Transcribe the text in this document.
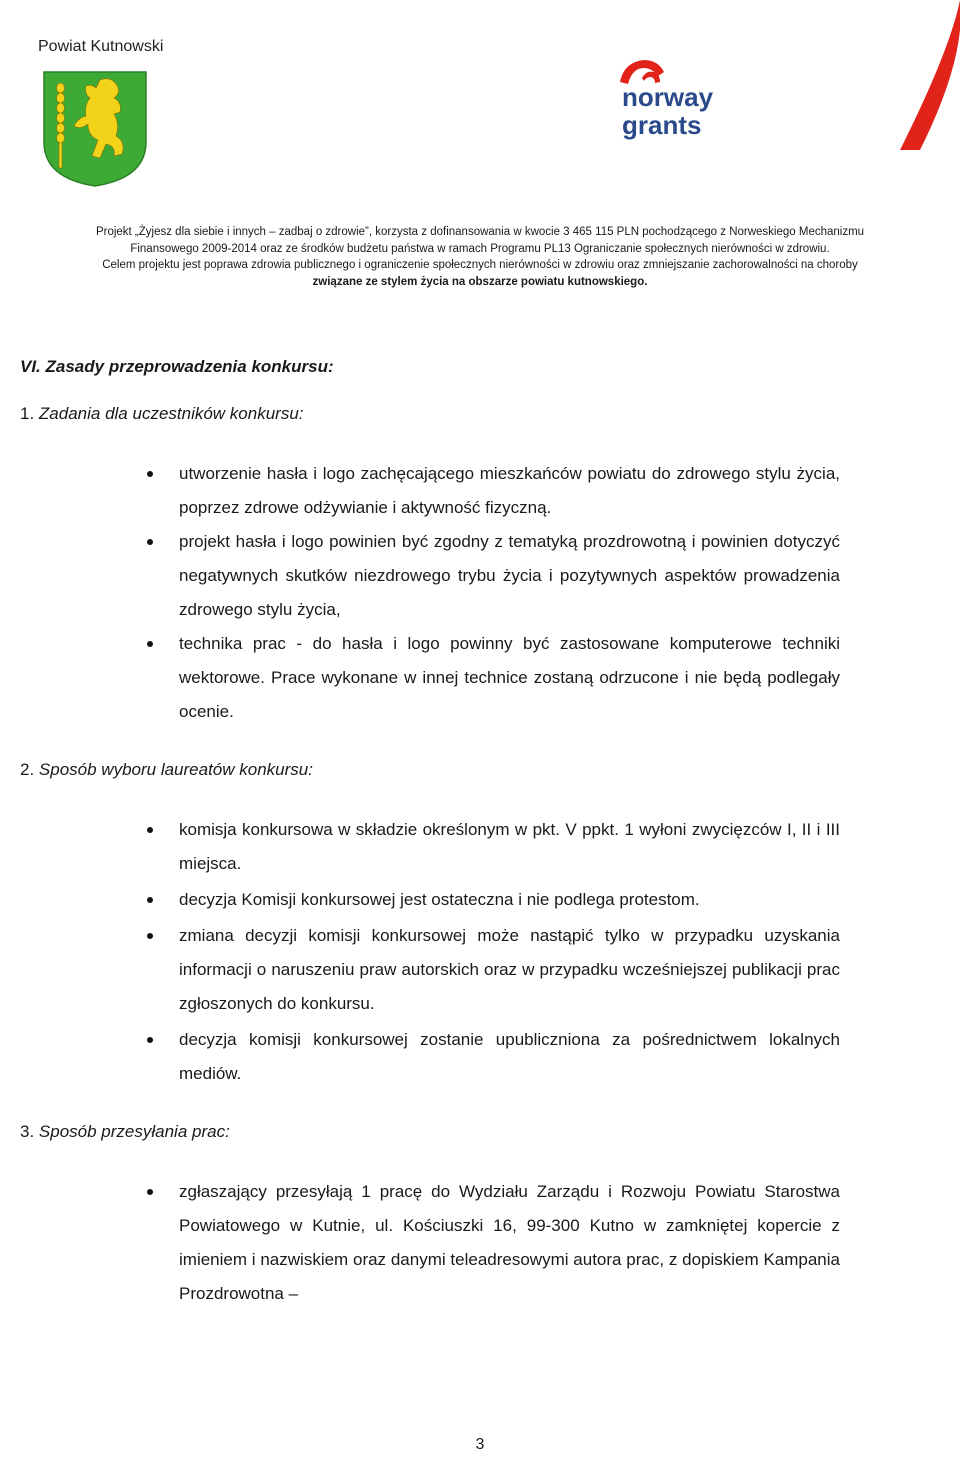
Powiat Kutnowski
norway
grants
Projekt „Żyjesz dla siebie i innych – zadbaj o zdrowie”, korzysta z dofinansowania w kwocie 3 465 115 PLN pochodzącego z Norweskiego Mechanizmu
Finansowego 2009-2014 oraz ze środków budżetu państwa w ramach Programu PL13 Ograniczanie społecznych nierówności w zdrowiu.
Celem projektu jest poprawa zdrowia publicznego i ograniczenie społecznych nierówności w zdrowiu oraz zmniejszanie zachorowalności na choroby
związane ze stylem życia na obszarze powiatu kutnowskiego.
VI. Zasady przeprowadzenia konkursu:
1. Zadania dla uczestników konkursu:
utworzenie hasła i logo zachęcającego mieszkańców powiatu do zdrowego stylu życia, poprzez zdrowe odżywianie i aktywność fizyczną.
projekt hasła i logo powinien być zgodny z tematyką prozdrowotną i powinien dotyczyć negatywnych skutków niezdrowego trybu życia i pozytywnych aspektów prowadzenia zdrowego stylu życia,
technika prac - do hasła i logo powinny być zastosowane komputerowe techniki wektorowe. Prace wykonane w innej technice zostaną odrzucone i nie będą podlegały ocenie.
2. Sposób wyboru laureatów konkursu:
komisja konkursowa w składzie określonym w pkt. V ppkt. 1 wyłoni zwycięzców I, II i III miejsca.
decyzja Komisji konkursowej jest ostateczna i nie podlega protestom.
zmiana decyzji komisji konkursowej może nastąpić tylko w przypadku uzyskania informacji o naruszeniu praw autorskich oraz w przypadku wcześniejszej publikacji prac zgłoszonych do konkursu.
decyzja komisji konkursowej zostanie upubliczniona za pośrednictwem lokalnych mediów.
3. Sposób przesyłania prac:
zgłaszający przesyłają 1 pracę do Wydziału Zarządu i Rozwoju Powiatu Starostwa Powiatowego w Kutnie, ul. Kościuszki 16, 99-300 Kutno w zamkniętej kopercie z imieniem i nazwiskiem oraz danymi teleadresowymi autora prac, z dopiskiem Kampania Prozdrowotna –
3
